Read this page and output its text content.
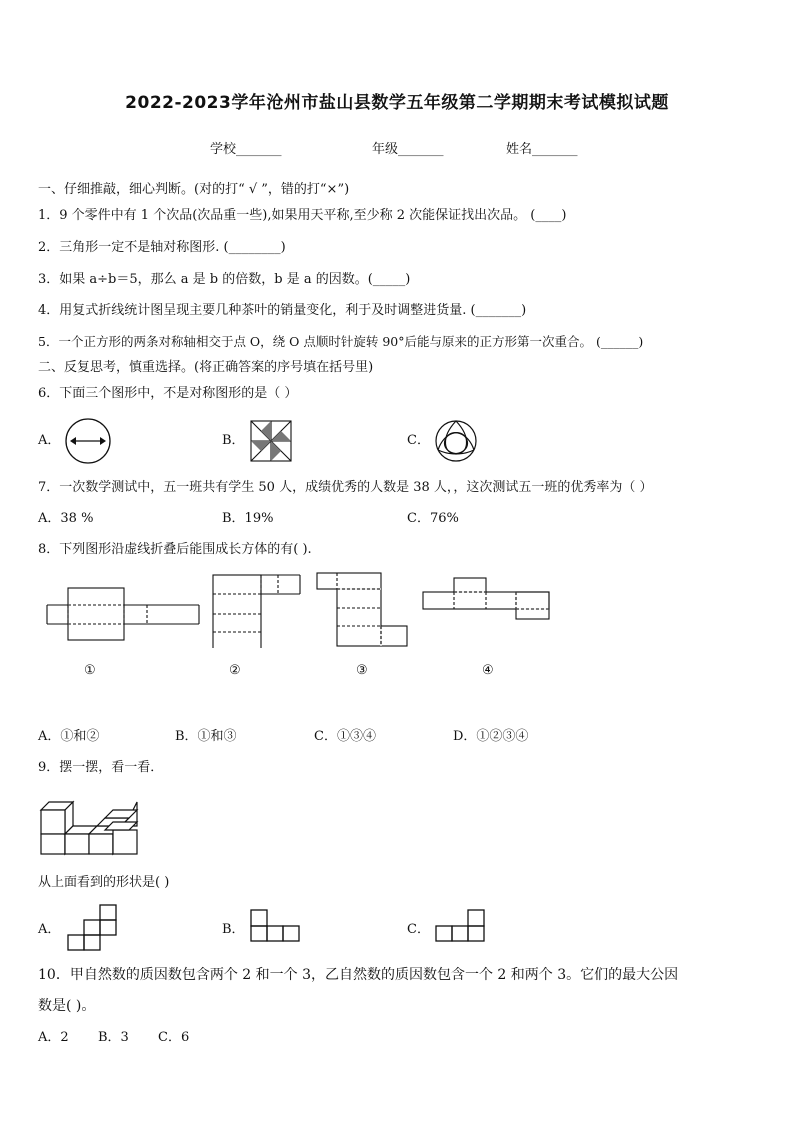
2022-2023学年沧州市盐山县数学五年级第二学期期末考试模拟试题
学校_______	年级_______	姓名_______
一、仔细推敲，细心判断。(对的打“ √ ”，错的打“×”)
1．9 个零件中有 1 个次品(次品重一些),如果用天平称,至少称 2 次能保证找出次品。 (____)
2．三角形一定不是轴对称图形. (________)
3．如果 a÷b＝5，那么 a 是 b 的倍数，b 是 a 的因数。(_____)
4．用复式折线统计图呈现主要几种茶叶的销量变化，利于及时调整进货量. (_______)
5．一个正方形的两条对称轴相交于点 O，绕 O 点顺时针旋转 90°后能与原来的正方形第一次重合。 (______)
二、反复思考，慎重选择。(将正确答案的序号填在括号里)
6．下面三个图形中，不是对称图形的是（ ）
A．	B．	C．
7．一次数学测试中，五一班共有学生 50 人，成绩优秀的人数是 38 人，，这次测试五一班的优秀率为（ ）
A．38 %	B．19%	C．76%
8．下列图形沿虚线折叠后能围成长方体的有( ).
①	②	③	④
A．①和②	B．①和③	C．①③④	D．①②③④
9．摆一摆，看一看．
从上面看到的形状是( )
A．	B．	C．
10．甲自然数的质因数包含两个 2 和一个 3，乙自然数的质因数包含一个 2 和两个 3。它们的最大公因
数是( )。
A．2 B．3 C．6
